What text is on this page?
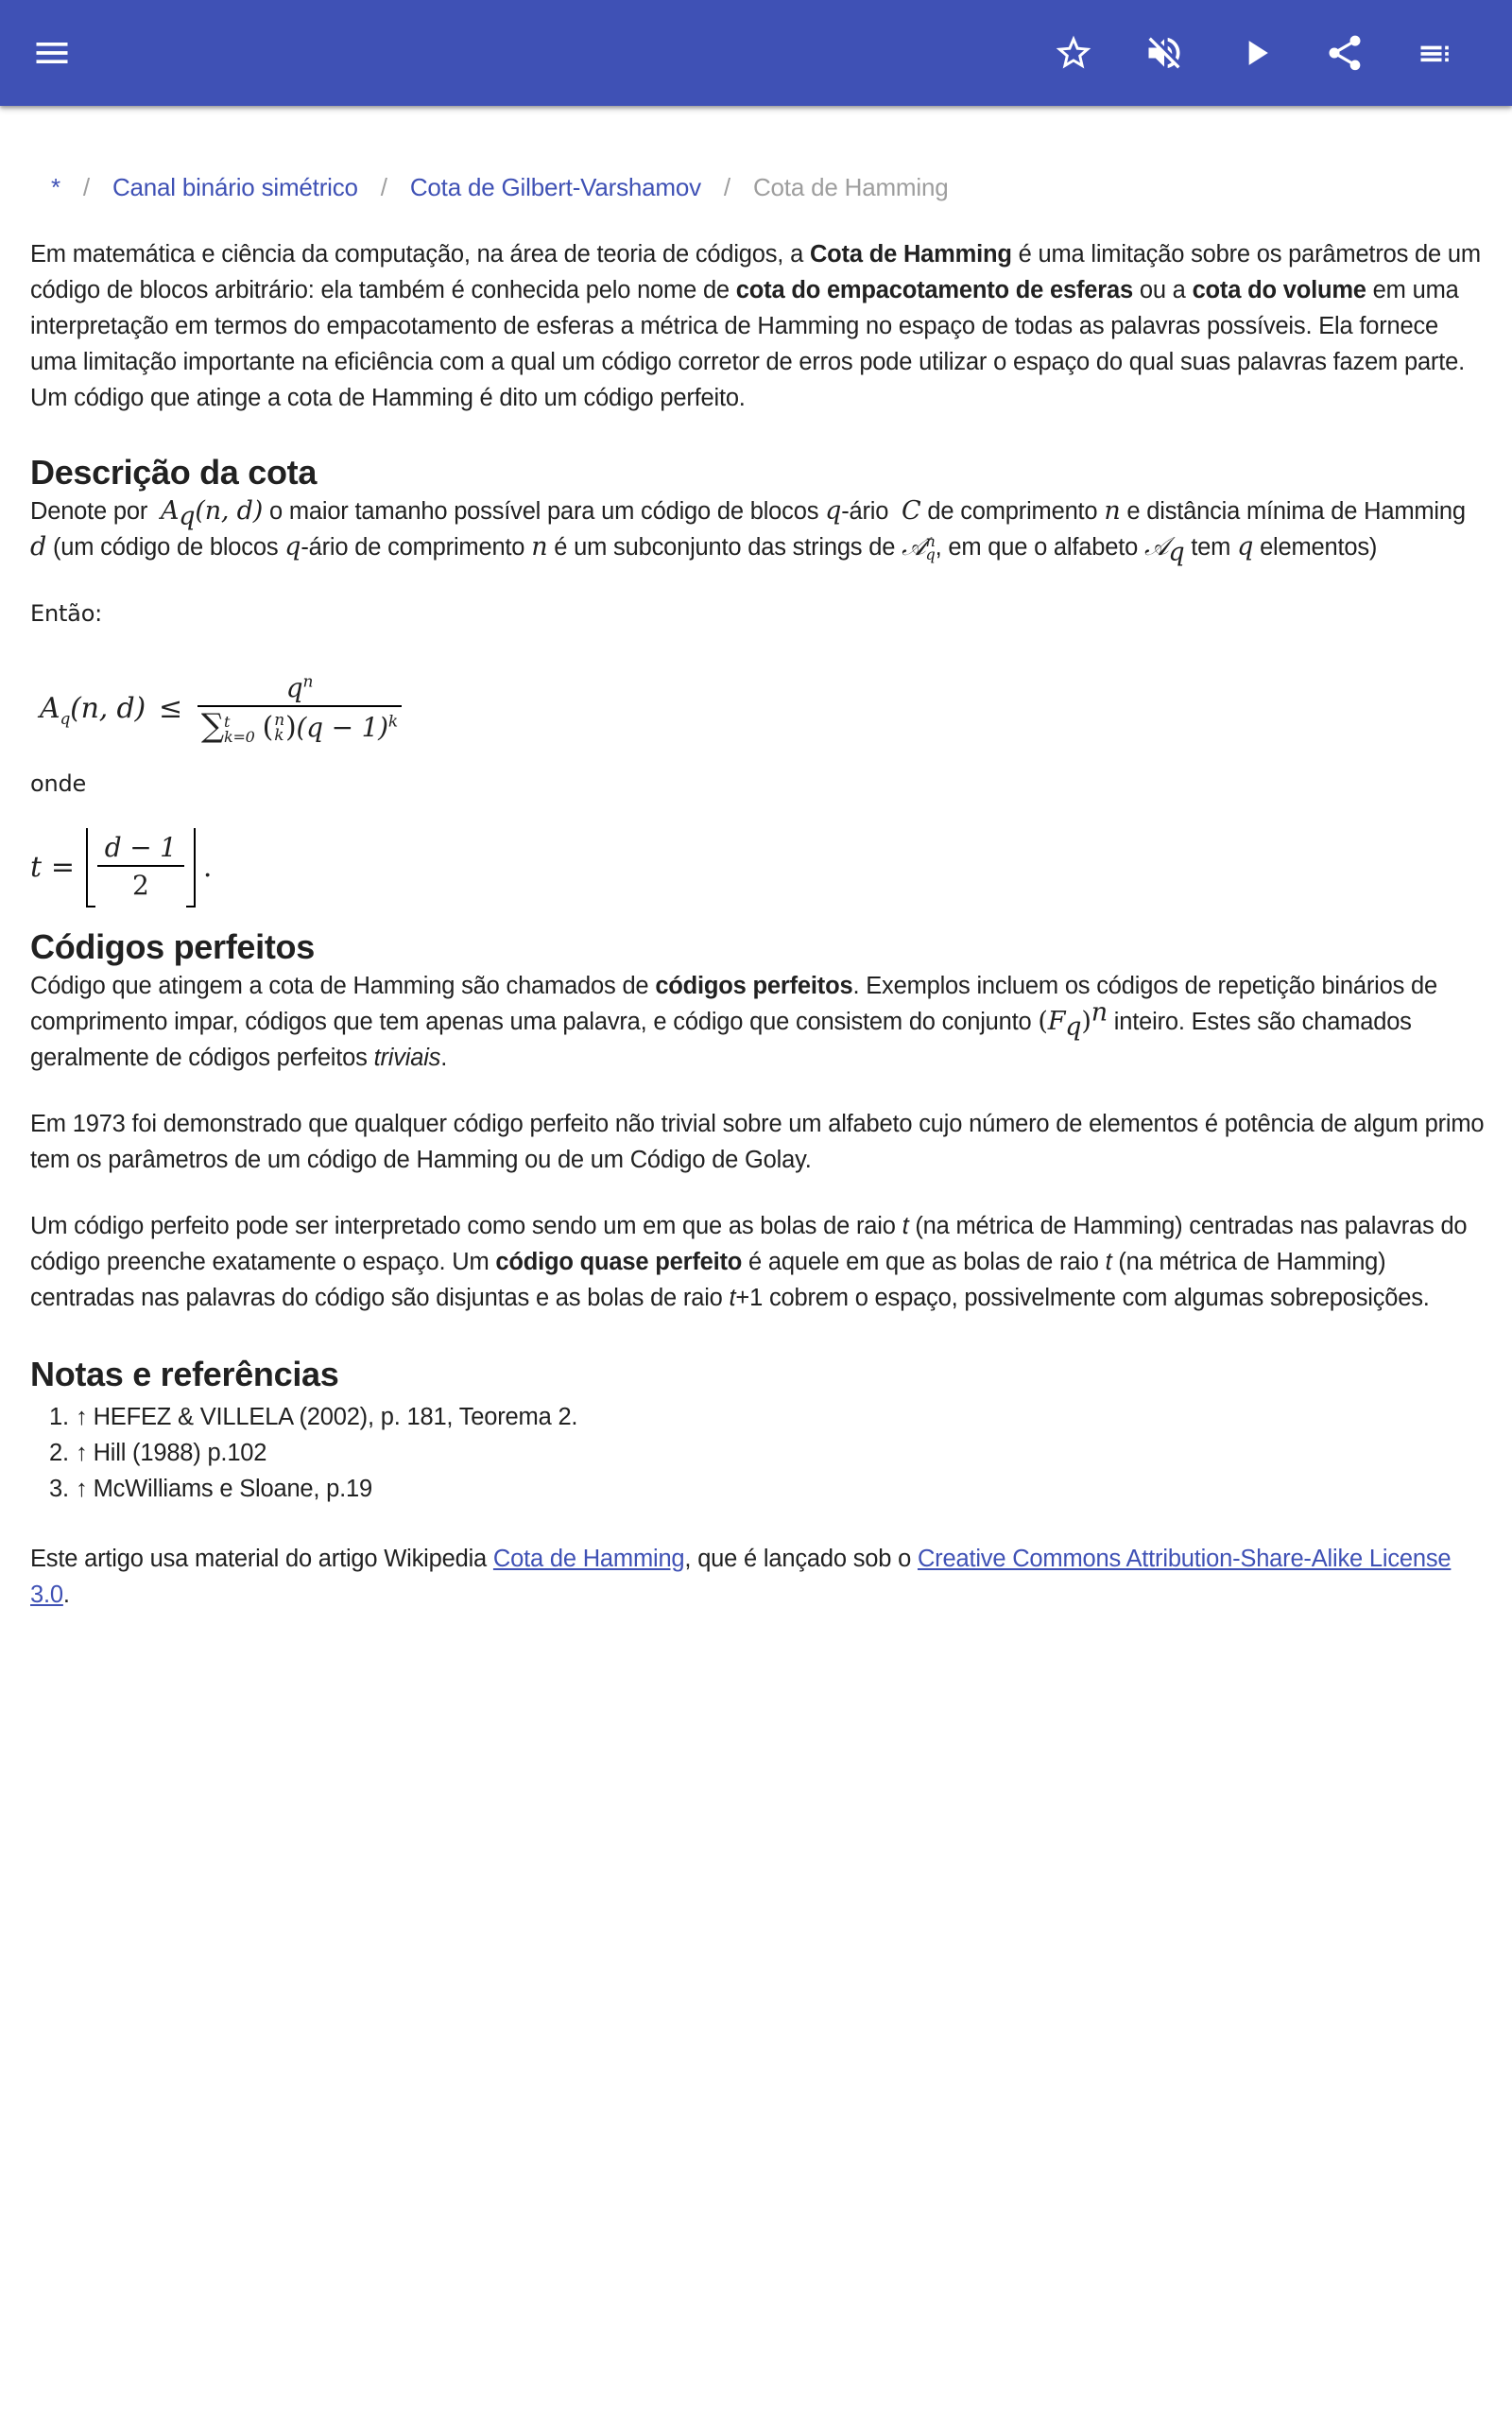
* / Canal binário simétrico / Cota de Gilbert-Varshamov / Cota de Hamming

Em matemática e ciência da computação, na área de teoria de códigos, a Cota de Hamming é uma limitação sobre os parâmetros de um código de blocos arbitrário: ela também é conhecida pelo nome de cota do empacotamento de esferas ou a cota do volume em uma interpretação em termos do empacotamento de esferas a métrica de Hamming no espaço de todas as palavras possíveis. Ela fornece uma limitação importante na eficiência com a qual um código corretor de erros pode utilizar o espaço do qual suas palavras fazem parte. Um código que atinge a cota de Hamming é dito um código perfeito.

Descrição da cota

Denote por  $A_q(n$, d) o maior tamanho possível para um código de blocos q-ário  C de comprimento n e distância mínima de Hamming d (um código de blocos q-ário de comprimento n é um subconjunto das strings de 𝒜 n
q , em que o alfabeto 𝒜$_q$ tem q elementos)

Então:

$A_q(n$, $d) \le q^n$
∑ t
k=0 ( n
k )$(q - 1)^k$

onde

$t = \frac{d - 1}{2}$ .
Códigos perfeitos

Código que atingem a cota de Hamming são chamados de códigos perfeitos. Exemplos incluem os códigos de repetição binários de comprimento impar, códigos que tem apenas uma palavra, e código que consistem do conjunto $(F_q)^n$ inteiro. Estes são chamados geralmente de códigos perfeitos triviais.

Em 1973 foi demonstrado que qualquer código perfeito não trivial sobre um alfabeto cujo número de elementos é potência de algum primo tem os parâmetros de um código de Hamming ou de um Código de Golay.

Um código perfeito pode ser interpretado como sendo um em que as bolas de raio t (na métrica de Hamming) centradas nas palavras do código preenche exatamente o espaço. Um código quase perfeito é aquele em que as bolas de raio t (na métrica de Hamming) centradas nas palavras do código são disjuntas e as bolas de raio t+1 cobrem o espaço, possivelmente com algumas sobreposições.

Notas e referências
1. ↑ HEFEZ & VILLELA (2002), p. 181, Teorema 2.
2. ↑ Hill (1988) p.102
3. ↑ McWilliams e Sloane, p.19

Este artigo usa material do artigo Wikipedia Cota de Hamming, que é lançado sob o Creative Commons Attribution-Share-Alike License 3.0.
